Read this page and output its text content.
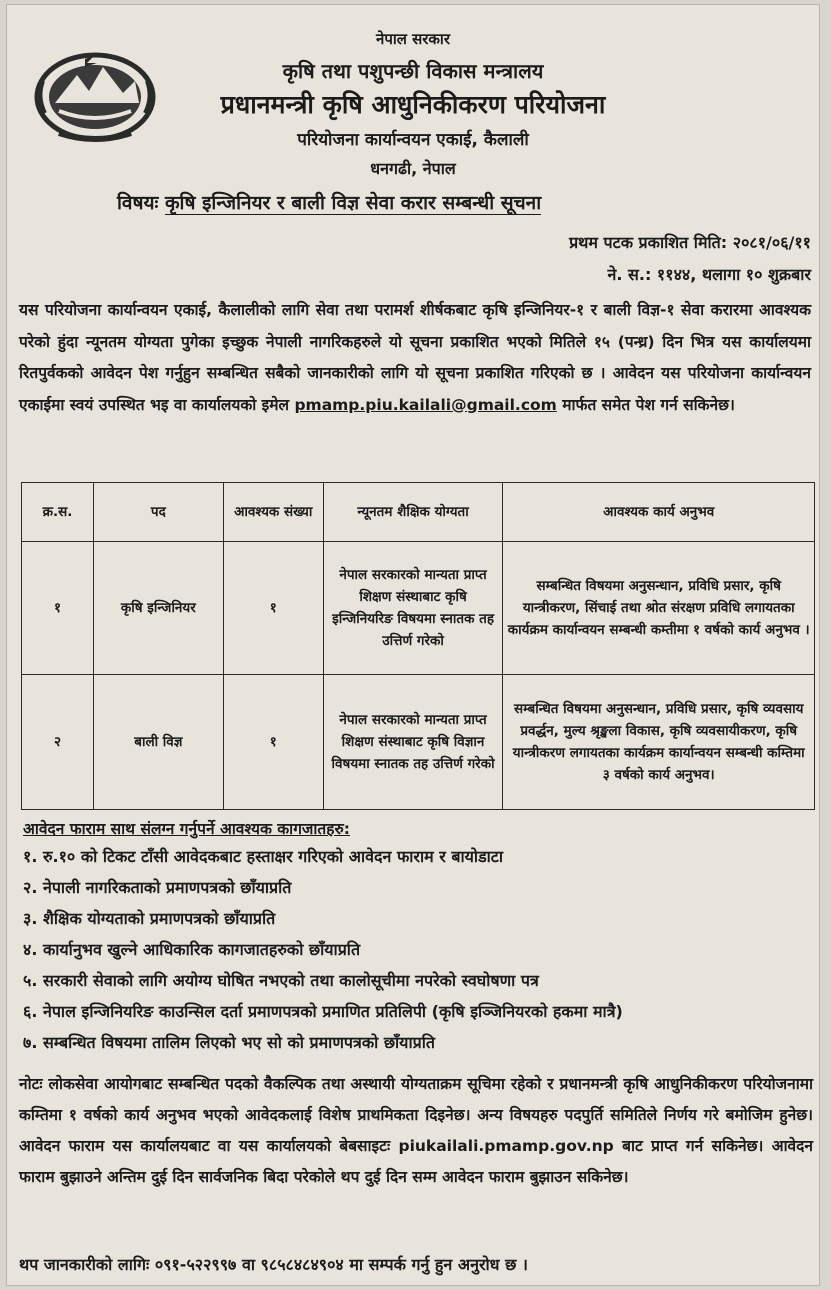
नेपाल सरकार
कृषि तथा पशुपन्छी विकास मन्त्रालय
प्रधानमन्त्री कृषि आधुनिकीकरण परियोजना
परियोजना कार्यान्वयन एकाई, कैलाली
धनगढी, नेपाल
विषयः कृषि इन्जिनियर र बाली विज्ञ सेवा करार सम्बन्धी सूचना
प्रथम पटक प्रकाशित मिति: २०८१/०६/११
ने. स.: ११४४, थलागा १० शुक्रबार
यस परियोजना कार्यान्वयन एकाई, कैलालीको लागि सेवा तथा परामर्श शीर्षकबाट कृषि इन्जिनियर-१ र बाली विज्ञ-१ सेवा करारमा आवश्यक परेको हुंदा न्यूनतम योग्यता पुगेका इच्छुक नेपाली नागरिकहरुले यो सूचना प्रकाशित भएको मितिले १५ (पन्ध्र) दिन भित्र यस कार्यालयमा रितपुर्वकको आवेदन पेश गर्नुहुन सम्बन्धित सबैको जानकारीको लागि यो सूचना प्रकाशित गरिएको छ । आवेदन यस परियोजना कार्यान्वयन एकाईमा स्वयं उपस्थित भइ वा कार्यालयको इमेल pmamp.piu.kailali@gmail.com मार्फत समेत पेश गर्न सकिनेछ।
क्र.स.	पद	आवश्यक संख्या	न्यूनतम शैक्षिक योग्यता	आवश्यक कार्य अनुभव
१	कृषि इन्जिनियर	१	नेपाल सरकारको मान्यता प्राप्त शिक्षण संस्थाबाट कृषि इन्जिनियरिङ विषयमा स्नातक तह उत्तिर्ण गरेको	सम्बन्धित विषयमा अनुसन्धान, प्रविधि प्रसार, कृषि यान्त्रीकरण, सिंचाई तथा श्रोत संरक्षण प्रविधि लगायतका कार्यक्रम कार्यान्वयन सम्बन्धी कम्तीमा १ वर्षको कार्य अनुभव ।
२	बाली विज्ञ	१	नेपाल सरकारको मान्यता प्राप्त शिक्षण संस्थाबाट कृषि विज्ञान विषयमा स्नातक तह उत्तिर्ण गरेको	सम्बन्धित विषयमा अनुसन्धान, प्रविधि प्रसार, कृषि व्यवसाय प्रवर्द्धन, मुल्य श्रृङ्खला विकास, कृषि व्यवसायीकरण, कृषि यान्त्रीकरण लगायतका कार्यक्रम कार्यान्वयन सम्बन्धी कम्तिमा ३ वर्षको कार्य अनुभव।
आवेदन फाराम साथ संलग्न गर्नुपर्ने आवश्यक कागजातहरु:
१. रु.१० को टिकट टाँसी आवेदकबाट हस्ताक्षर गरिएको आवेदन फाराम र बायोडाटा
२. नेपाली नागरिकताको प्रमाणपत्रको छाँयाप्रति
३. शैक्षिक योग्यताको प्रमाणपत्रको छाँयाप्रति
४. कार्यानुभव खुल्ने आधिकारिक कागजातहरुको छाँयाप्रति
५. सरकारी सेवाको लागि अयोग्य घोषित नभएको तथा कालोसूचीमा नपरेको स्वघोषणा पत्र
६. नेपाल इन्जिनियरिङ काउन्सिल दर्ता प्रमाणपत्रको प्रमाणित प्रतिलिपी (कृषि इञ्जिनियरको हकमा मात्रै)
७. सम्बन्धित विषयमा तालिम लिएको भए सो को प्रमाणपत्रको छाँयाप्रति
नोटः लोकसेवा आयोगबाट सम्बन्धित पदको वैकल्पिक तथा अस्थायी योग्यताक्रम सूचिमा रहेको र प्रधानमन्त्री कृषि आधुनिकीकरण परियोजनामा कम्तिमा १ वर्षको कार्य अनुभव भएको आवेदकलाई विशेष प्राथमिकता दिइनेछ। अन्य विषयहरु पदपुर्ति समितिले निर्णय गरे बमोजिम हुनेछ। आवेदन फाराम यस कार्यालयबाट वा यस कार्यालयको बेबसाइटः piukailali.pmamp.gov.np बाट प्राप्त गर्न सकिनेछ। आवेदन फाराम बुझाउने अन्तिम दुई दिन सार्वजनिक बिदा परेकोले थप दुई दिन सम्म आवेदन फाराम बुझाउन सकिनेछ।
थप जानकारीको लागिः ०९१-५२२९९७ वा ९८५८४८४९०४ मा सम्पर्क गर्नु हुन अनुरोध छ ।
